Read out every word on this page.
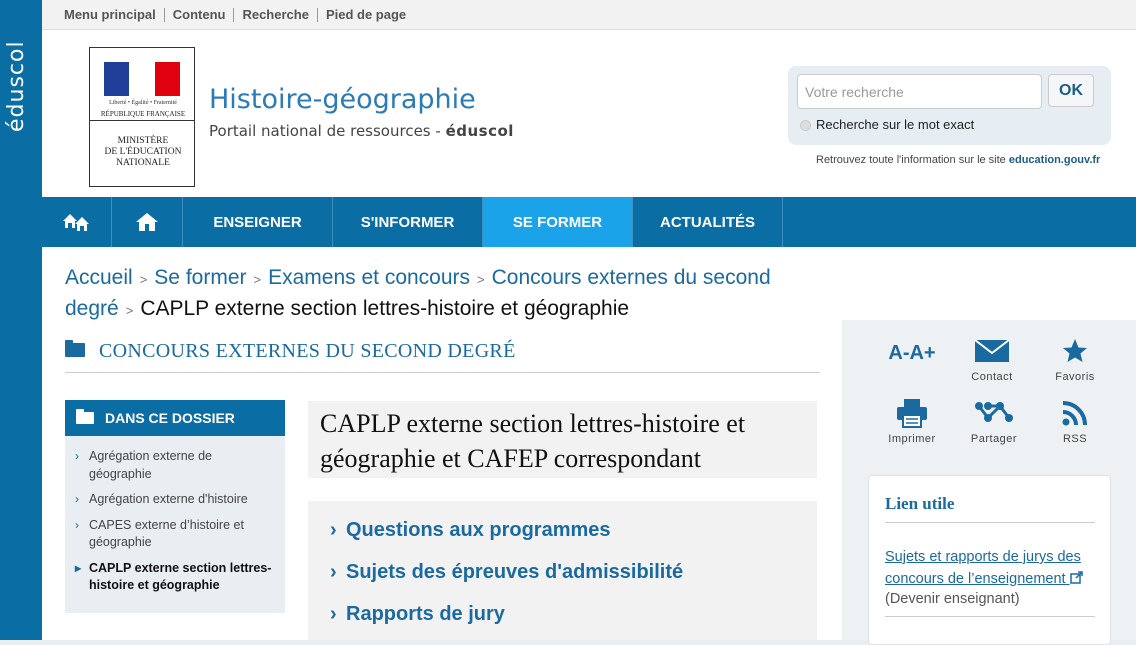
éduscol
Menu principal	Contenu	Recherche	Pied de page
Liberté • Égalité • Fraternité
RÉPUBLIQUE FRANÇAISE
MINISTÈRE
DE L'ÉDUCATION
NATIONALE
Histoire-géographie
Portail national de ressources - éduscol
Votre recherche	OK
Recherche sur le mot exact
Retrouvez toute l'information sur le site education.gouv.fr
ENSEIGNER	S'INFORMER	SE FORMER	ACTUALITÉS
Accueil > Se former > Examens et concours > Concours externes du second degré > CAPLP externe section lettres-histoire et géographie
CONCOURS EXTERNES DU SECOND DEGRÉ
DANS CE DOSSIER
› Agrégation externe de géographie
› Agrégation externe d'histoire
› CAPES externe d’histoire et géographie
▸ CAPLP externe section lettres-histoire et géographie
CAPLP externe section lettres-histoire et géographie et CAFEP correspondant
› Questions aux programmes
› Sujets des épreuves d'admissibilité
› Rapports de jury
A-A+
Contact	Favoris
Imprimer	Partager	RSS
Lien utile
Sujets et rapports de jurys des concours de l’enseignement
(Devenir enseignant)
